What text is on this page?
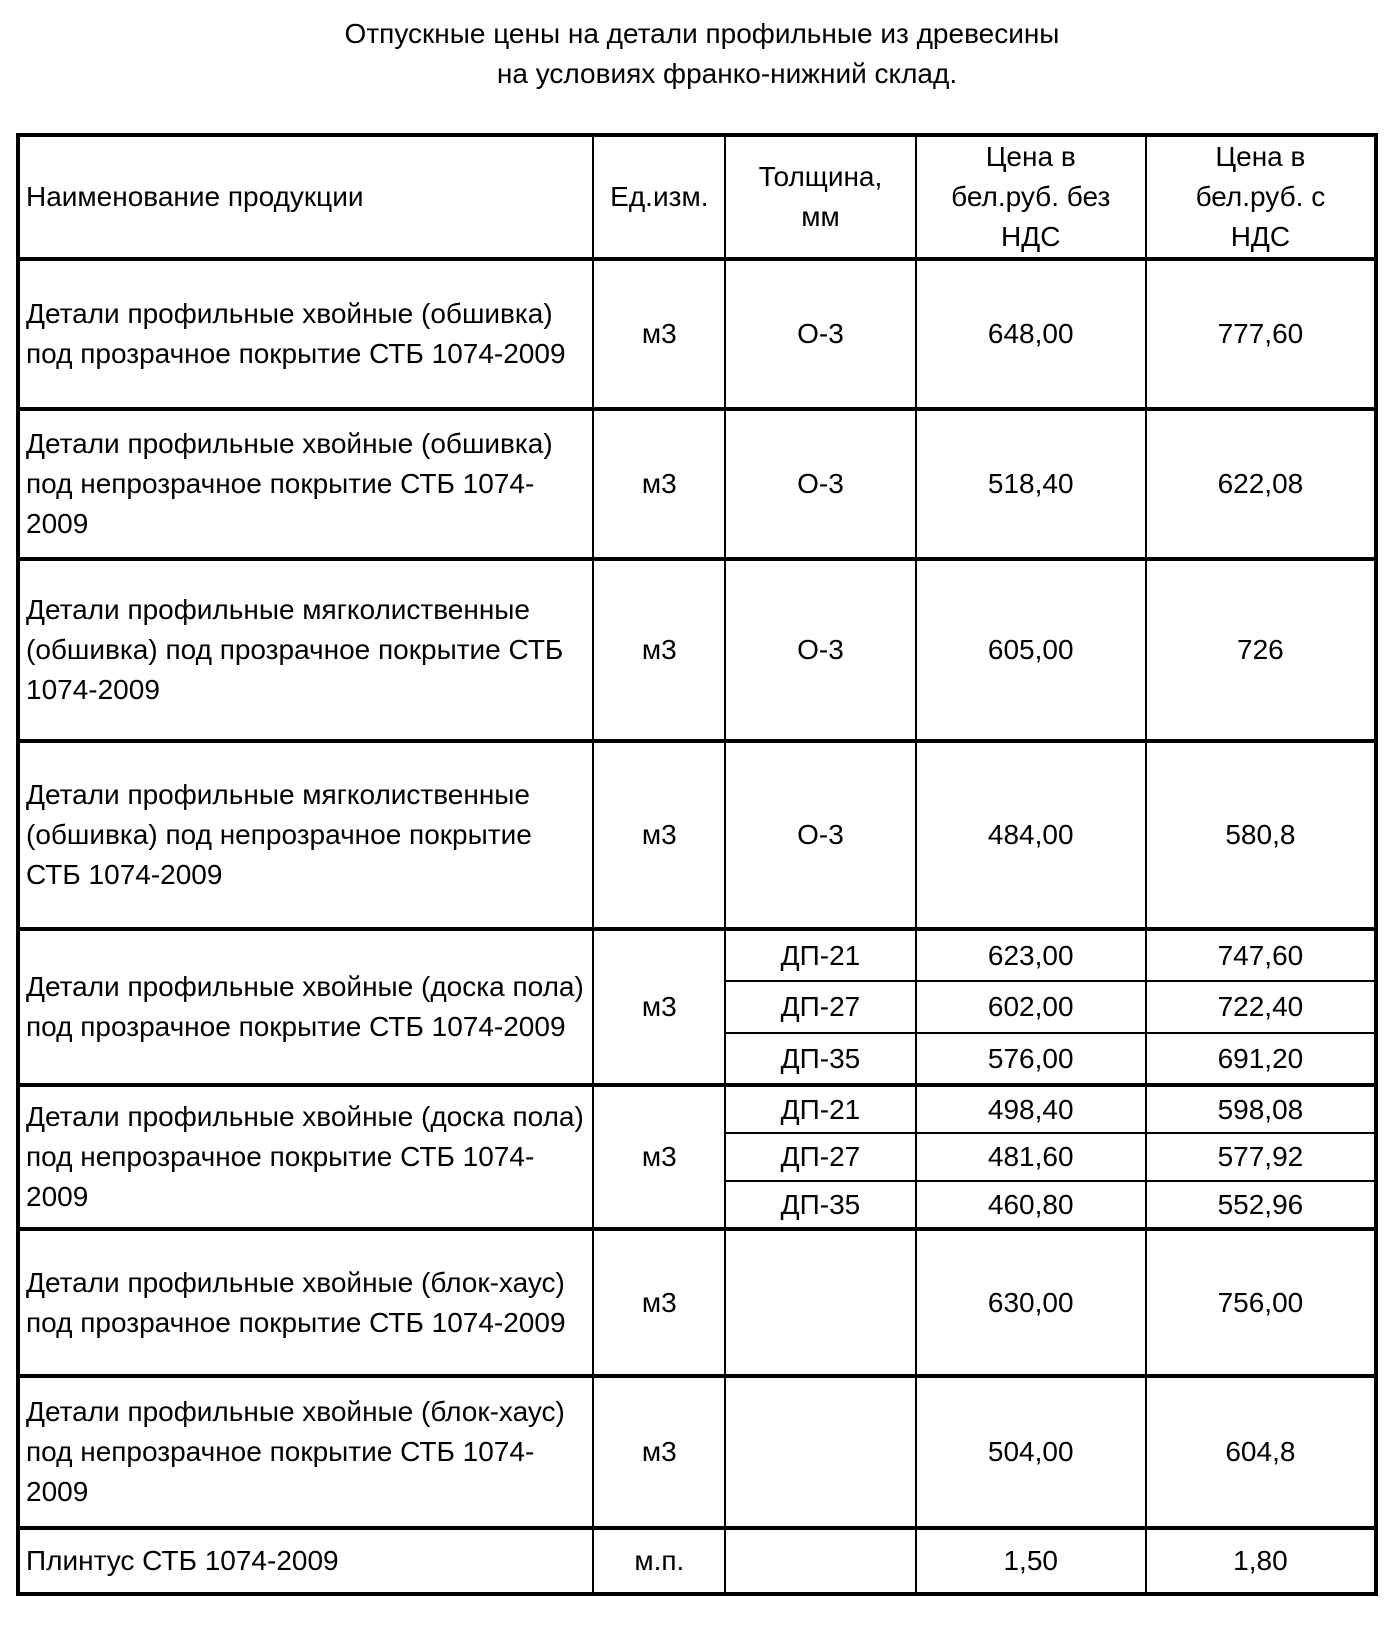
Отпускные цены на детали профильные из древесины
на условиях франко-нижний склад.
Наименование продукции	Ед.изм.	Толщина, мм	Цена в бел.руб. без НДС	Цена в бел.руб. с НДС
Детали профильные хвойные (обшивка) под прозрачное покрытие СТБ 1074-2009	м3	О-3	648,00	777,60
Детали профильные хвойные (обшивка) под непрозрачное покрытие СТБ 1074-2009	м3	О-3	518,40	622,08
Детали профильные мягколиственные (обшивка) под прозрачное покрытие СТБ 1074-2009	м3	О-3	605,00	726
Детали профильные мягколиственные (обшивка) под непрозрачное покрытие СТБ 1074-2009	м3	О-3	484,00	580,8
Детали профильные хвойные (доска пола) под прозрачное покрытие СТБ 1074-2009	м3	ДП-21	623,00	747,60
		ДП-27	602,00	722,40
		ДП-35	576,00	691,20
Детали профильные хвойные (доска пола) под непрозрачное покрытие СТБ 1074-2009	м3	ДП-21	498,40	598,08
		ДП-27	481,60	577,92
		ДП-35	460,80	552,96
Детали профильные хвойные (блок-хаус) под прозрачное покрытие СТБ 1074-2009	м3		630,00	756,00
Детали профильные хвойные (блок-хаус) под непрозрачное покрытие СТБ 1074-2009	м3		504,00	604,8
Плинтус СТБ 1074-2009	м.п.		1,50	1,80
